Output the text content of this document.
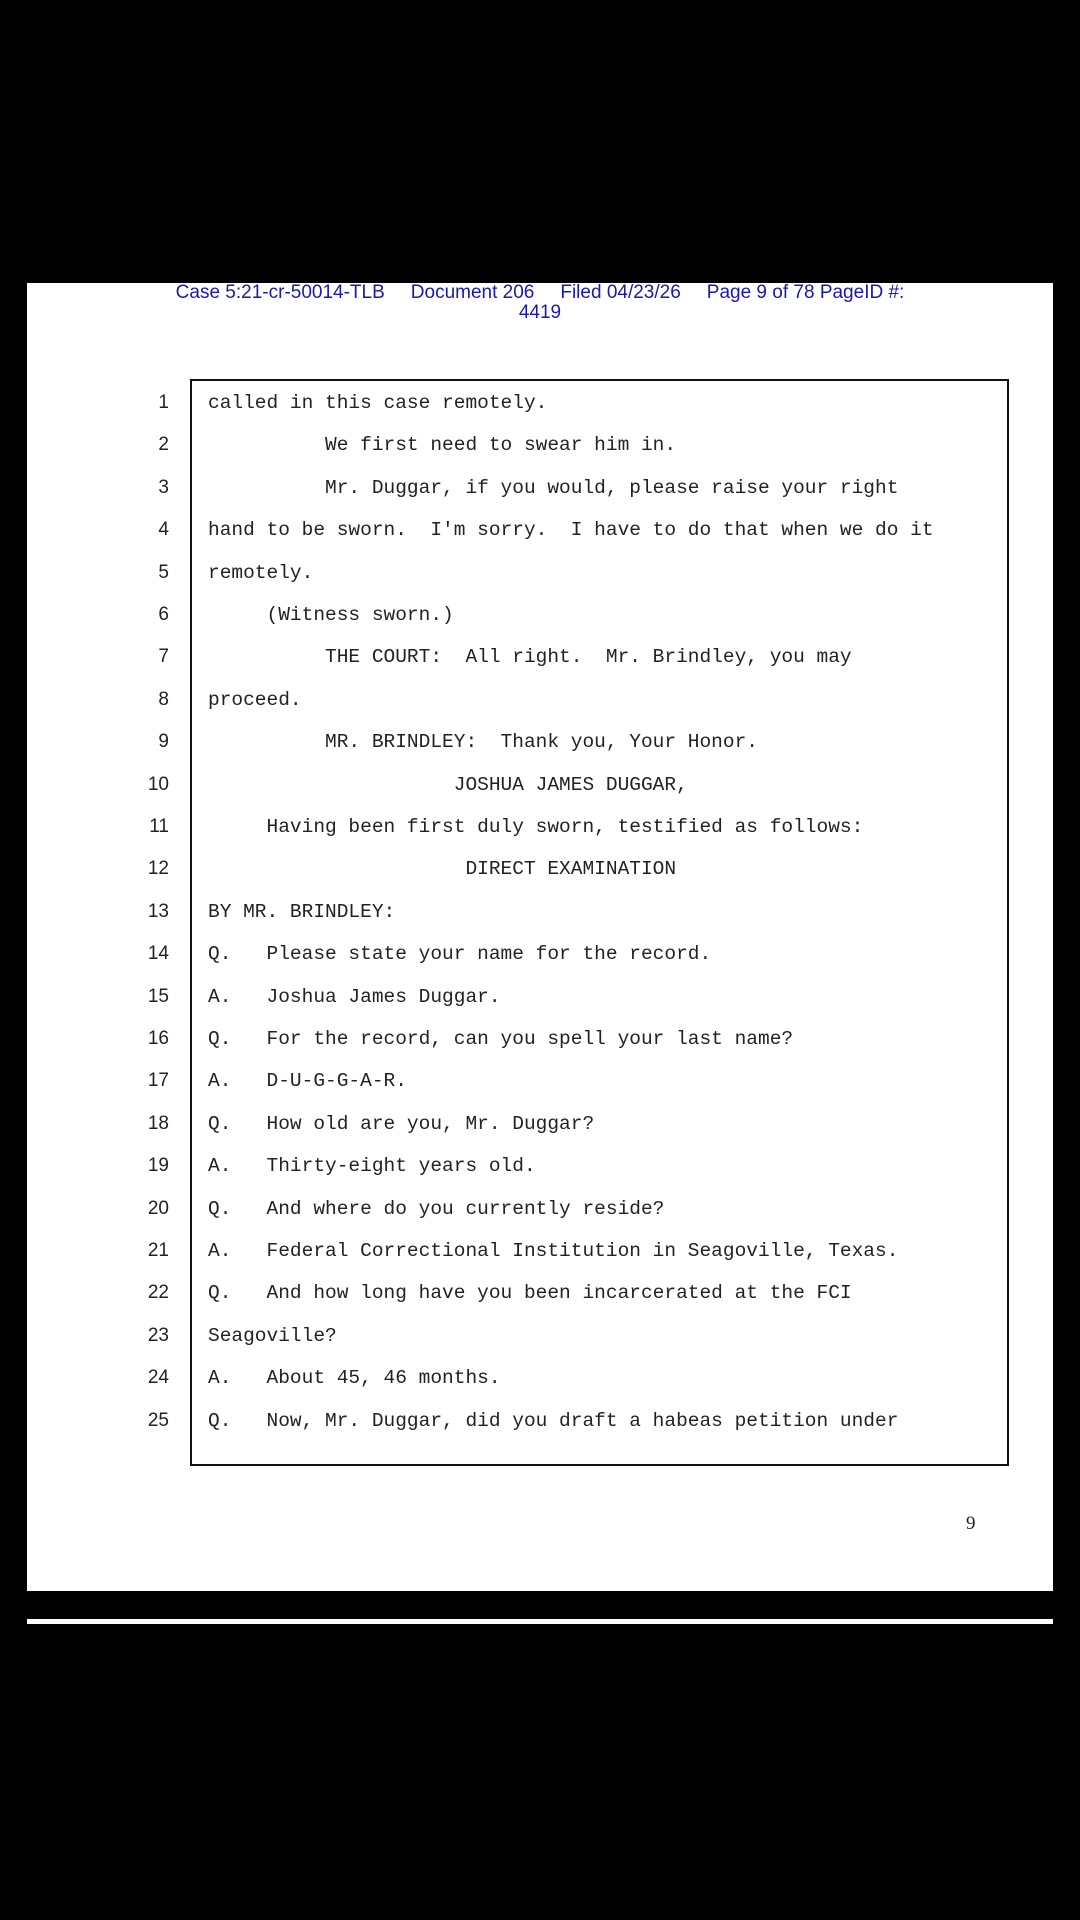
Case 5:21-cr-50014-TLB Document 206 Filed 04/23/26 Page 9 of 78 PageID #:
4419
1 called in this case remotely.
2 We first need to swear him in.
3 Mr. Duggar, if you would, please raise your right
4 hand to be sworn.  I'm sorry.  I have to do that when we do it
5 remotely.
6 (Witness sworn.)
7 THE COURT:  All right.  Mr. Brindley, you may
8 proceed.
9 MR. BRINDLEY:  Thank you, Your Honor.
10 JOSHUA JAMES DUGGAR,
11 Having been first duly sworn, testified as follows:
12 DIRECT EXAMINATION
13 BY MR. BRINDLEY:
14 Q.   Please state your name for the record.
15 A.   Joshua James Duggar.
16 Q.   For the record, can you spell your last name?
17 A.   D-U-G-G-A-R.
18 Q.   How old are you, Mr. Duggar?
19 A.   Thirty-eight years old.
20 Q.   And where do you currently reside?
21 A.   Federal Correctional Institution in Seagoville, Texas.
22 Q.   And how long have you been incarcerated at the FCI
23 Seagoville?
24 A.   About 45, 46 months.
25 Q.   Now, Mr. Duggar, did you draft a habeas petition under
9
